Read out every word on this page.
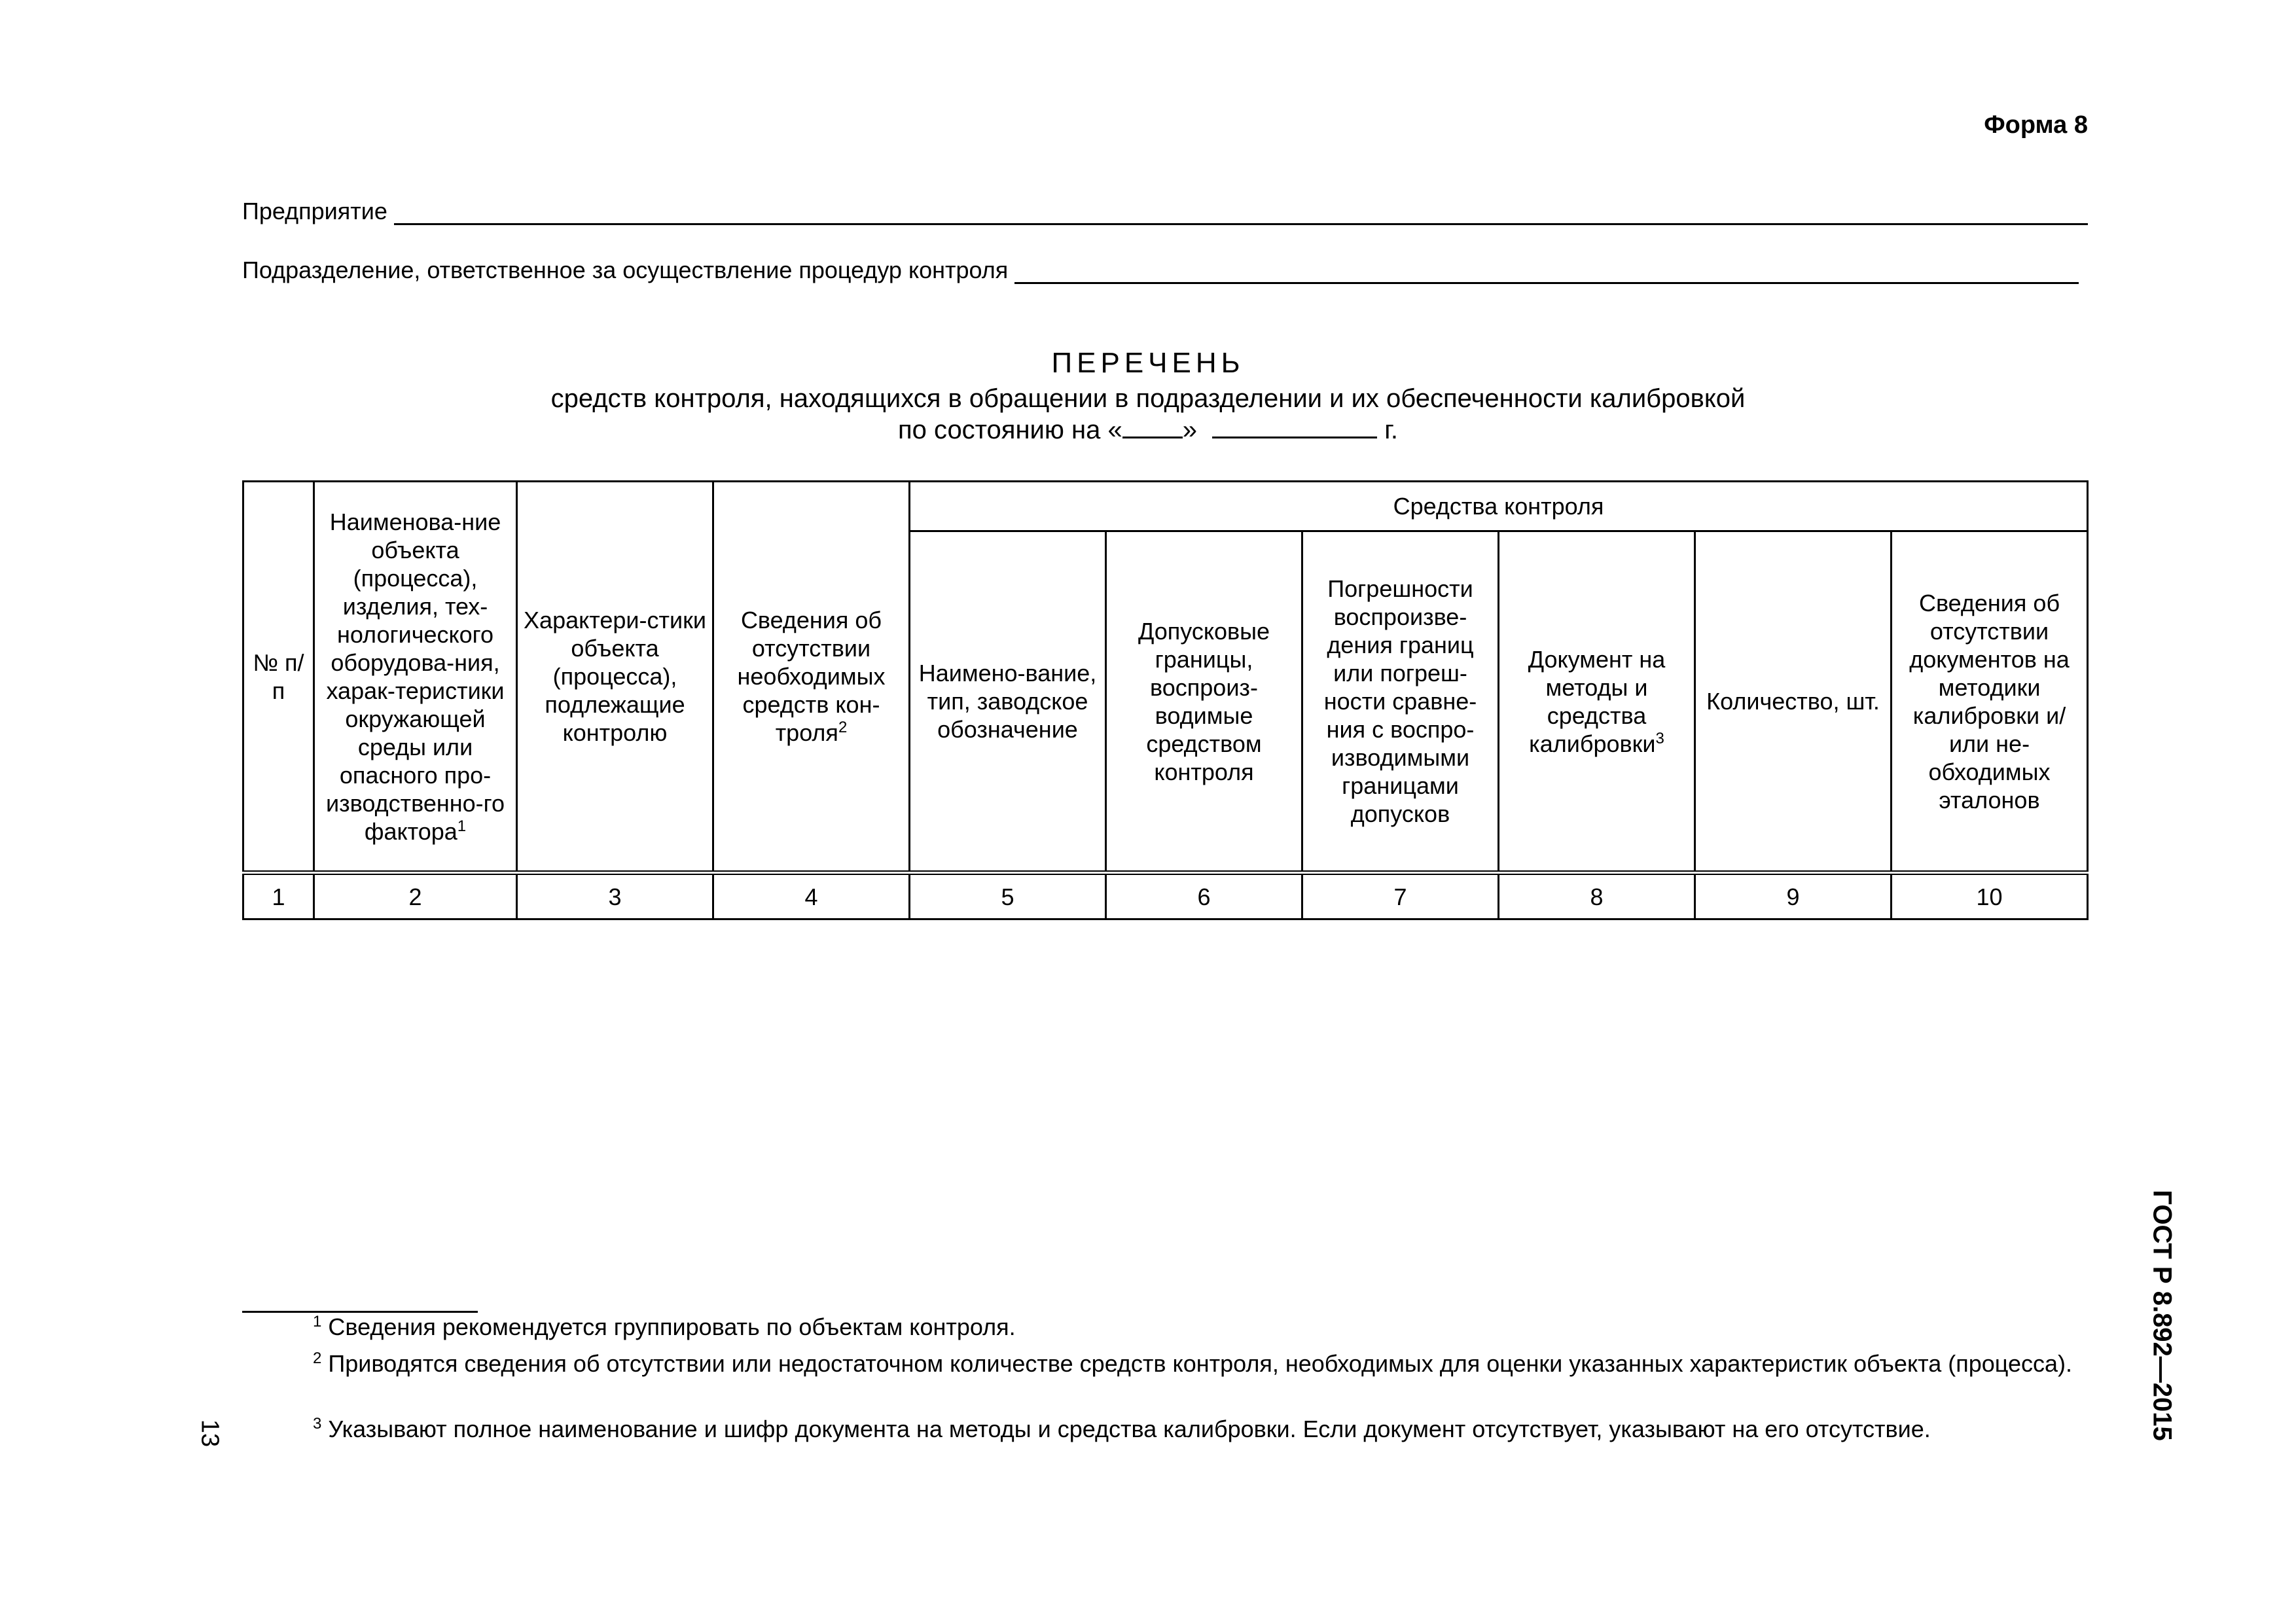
Форма 8
Предприятие
Подразделение, ответственное за осуществление процедур контроля
ПЕРЕЧЕНЬ
средств контроля, находящихся в обращении в подразделении и их обеспеченности калибровкой
по состоянию на « »	г.
№ п/п	Наименова-ние объекта (процесса), изделия, тех-нологического оборудова-ния, харак-теристики окружающей среды или опасного про-изводственно-го фактора$^1$	Характери-стики объекта (процесса), подлежащие контролю	Сведения об отсутствии необходимых средств кон-троля$^2$	Средства контроля					
				Наимено-вание, тип, заводское обозначение	Допусковые границы, воспроиз-водимые средством контроля	Погрешности воспроизве-дения границ или погреш-ности сравне-ния с воспро-изводимыми границами допусков	Документ на методы и средства калибровки$^3$	Количество, шт.	Сведения об отсутствии документов на методики калибровки и/или не-обходимых эталонов
1	2	3	4	5	6	7	8	9	10
ГОСТ Р 8.892—2015
13

$^1$ Сведения рекомендуется группировать по объектам контроля.

$^2$ Приводятся сведения об отсутствии или недостаточном количестве средств контроля, необходимых для оценки указанных характеристик объекта (процесса).

$^3$ Указывают полное наименование и шифр документа на методы и средства калибровки. Если документ отсутствует, указывают на его отсутствие.
